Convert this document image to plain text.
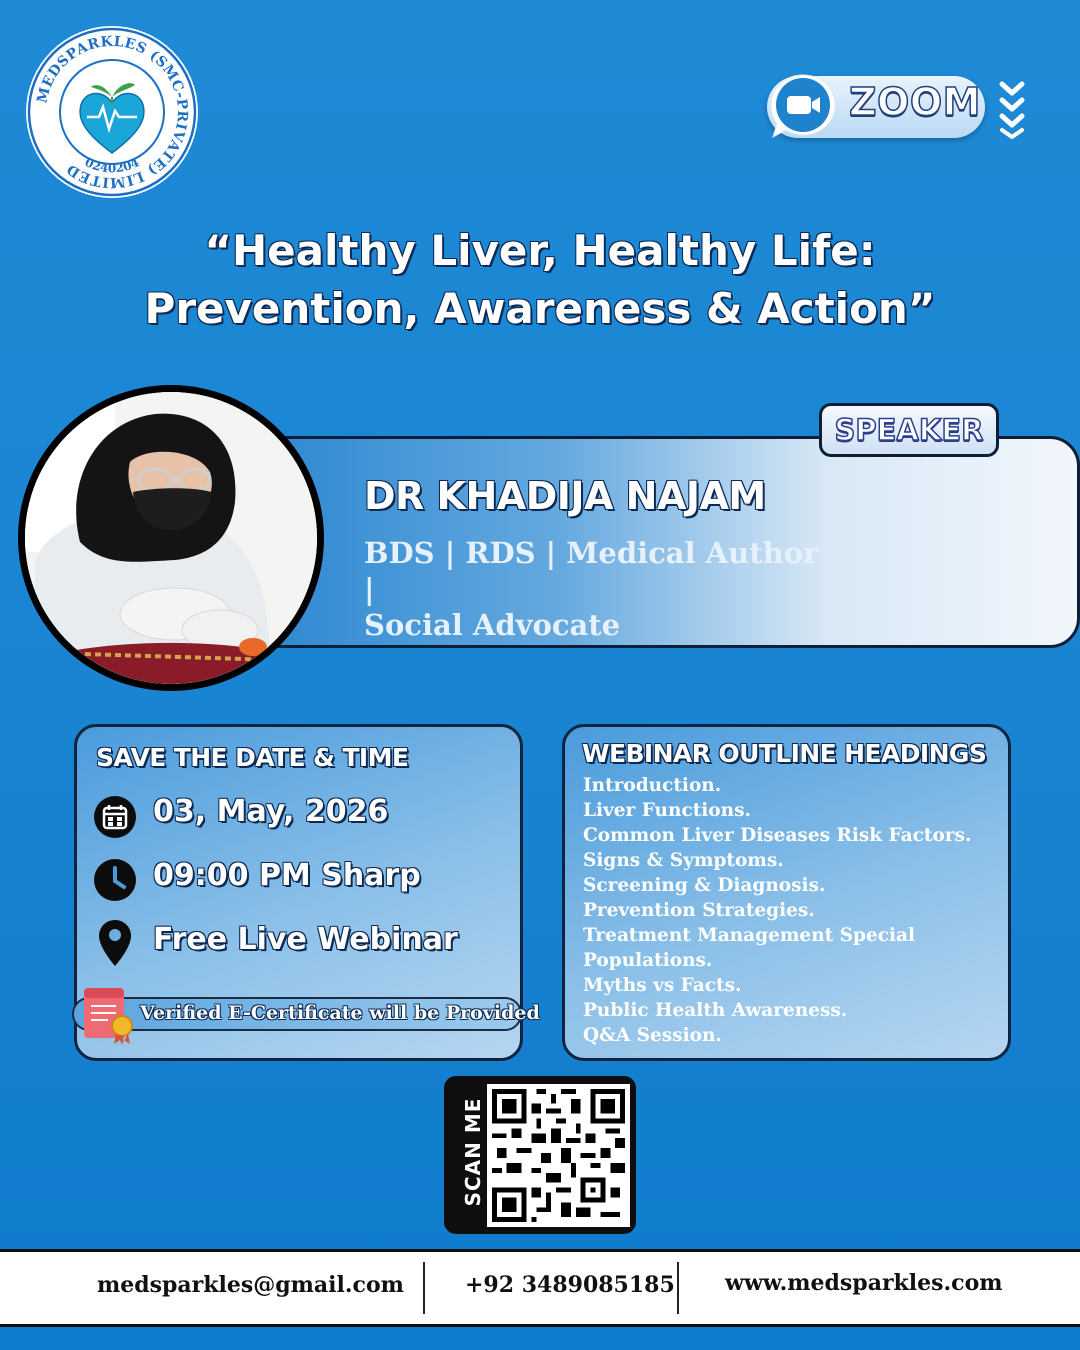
MEDSPARKLES (SMC-PRIVATE) LIMITED 0240204
ZOOM
“Healthy Liver, Healthy Life:
Prevention, Awareness & Action”
SPEAKER
DR KHADIJA NAJAM
BDS | RDS | Medical Author |
Social Advocate
SAVE THE DATE & TIME
03, May, 2026
09:00 PM Sharp
Free Live Webinar
Verified E-Certificate will be Provided
WEBINAR OUTLINE HEADINGS
Introduction.
Liver Functions.
Common Liver Diseases Risk Factors.
Signs & Symptoms.
Screening & Diagnosis.
Prevention Strategies.
Treatment Management Special
Populations.
Myths vs Facts.
Public Health Awareness.
Q&A Session.
SCAN ME
medsparkles@gmail.com	+92 3489085185 www.medsparkles.com
